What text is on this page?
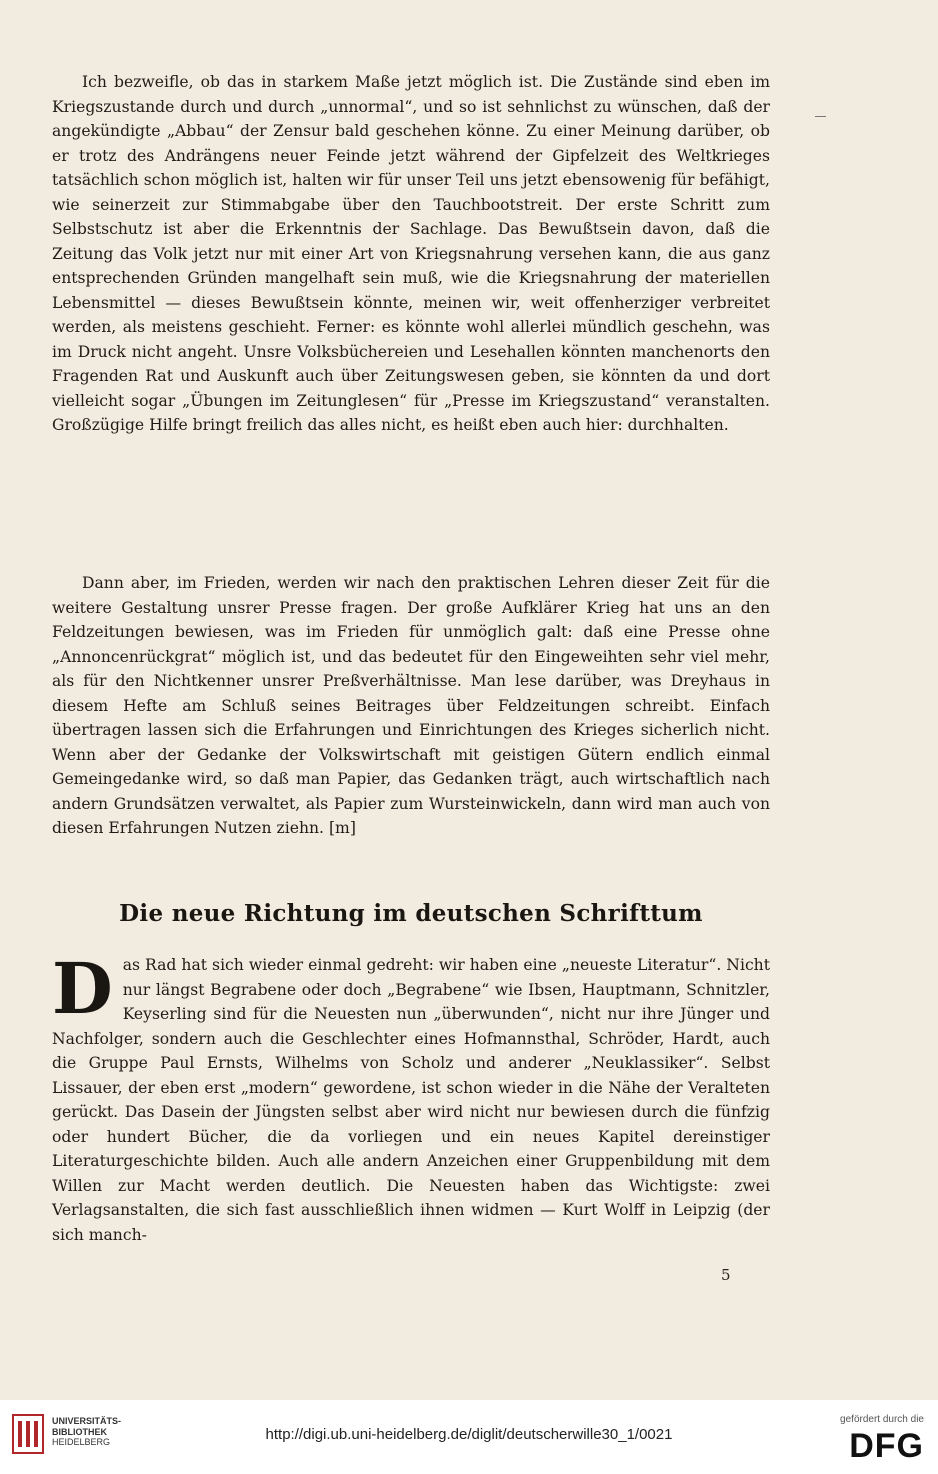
Ich bezweifle, ob das in starkem Maße jetzt möglich ist. Die Zustände sind eben im Kriegszustande durch und durch „unnormal“, und so ist sehnlichst zu wünschen, daß der angekündigte „Abbau“ der Zensur bald geschehen könne. Zu einer Meinung darüber, ob er trotz des Andrängens neuer Feinde jetzt während der Gipfelzeit des Weltkrieges tatsächlich schon möglich ist, halten wir für unser Teil uns jetzt ebensowenig für befähigt, wie seinerzeit zur Stimmabgabe über den Tauchbootstreit. Der erste Schritt zum Selbstschutz ist aber die Erkenntnis der Sachlage. Das Bewußtsein davon, daß die Zeitung das Volk jetzt nur mit einer Art von Kriegsnahrung versehen kann, die aus ganz entsprechenden Gründen mangelhaft sein muß, wie die Kriegsnahrung der materiellen Lebensmittel — dieses Bewußtsein könnte, meinen wir, weit offenherziger verbreitet werden, als meistens geschieht. Ferner: es könnte wohl allerlei mündlich geschehn, was im Druck nicht angeht. Unsre Volksbüchereien und Lesehallen könnten manchenorts den Fragenden Rat und Auskunft auch über Zeitungswesen geben, sie könnten da und dort vielleicht sogar „Übungen im Zeitunglesen“ für „Presse im Kriegszustand“ veranstalten. Großzügige Hilfe bringt freilich das alles nicht, es heißt eben auch hier: durchhalten.
Dann aber, im Frieden, werden wir nach den praktischen Lehren dieser Zeit für die weitere Gestaltung unsrer Presse fragen. Der große Aufklärer Krieg hat uns an den Feldzeitungen bewiesen, was im Frieden für unmöglich galt: daß eine Presse ohne „Annoncenrückgrat“ möglich ist, und das bedeutet für den Eingeweihten sehr viel mehr, als für den Nichtkenner unsrer Preßverhältnisse. Man lese darüber, was Dreyhaus in diesem Hefte am Schluß seines Beitrages über Feldzeitungen schreibt. Einfach übertragen lassen sich die Erfahrungen und Einrichtungen des Krieges sicherlich nicht. Wenn aber der Gedanke der Volkswirtschaft mit geistigen Gütern endlich einmal Gemeingedanke wird, so daß man Papier, das Gedanken trägt, auch wirtschaftlich nach andern Grundsätzen verwaltet, als Papier zum Wursteinwickeln, dann wird man auch von diesen Erfahrungen Nutzen ziehn. [m]
Die neue Richtung im deutschen Schrifttum
Das Rad hat sich wieder einmal gedreht: wir haben eine „neueste Literatur“. Nicht nur längst Begrabene oder doch „Begrabene“ wie Ibsen, Hauptmann, Schnitzler, Keyserling sind für die Neuesten nun „überwunden“, nicht nur ihre Jünger und Nachfolger, sondern auch die Geschlechter eines Hofmannsthal, Schröder, Hardt, auch die Gruppe Paul Ernsts, Wilhelms von Scholz und anderer „Neuklassiker“. Selbst Lissauer, der eben erst „modern“ gewordene, ist schon wieder in die Nähe der Veralteten gerückt. Das Dasein der Jüngsten selbst aber wird nicht nur bewiesen durch die fünfzig oder hundert Bücher, die da vorliegen und ein neues Kapitel dereinstiger Literaturgeschichte bilden. Auch alle andern Anzeichen einer Gruppenbildung mit dem Willen zur Macht werden deutlich. Die Neuesten haben das Wichtigste: zwei Verlagsanstalten, die sich fast ausschließlich ihnen widmen — Kurt Wolff in Leipzig (der sich manch-
5
UNIVERSITÄTS-
BIBLIOTHEK
HEIDELBERG	http://digi.ub.uni-heidelberg.de/diglit/deutscherwille30_1/0021
gefördert durch die
DFG
